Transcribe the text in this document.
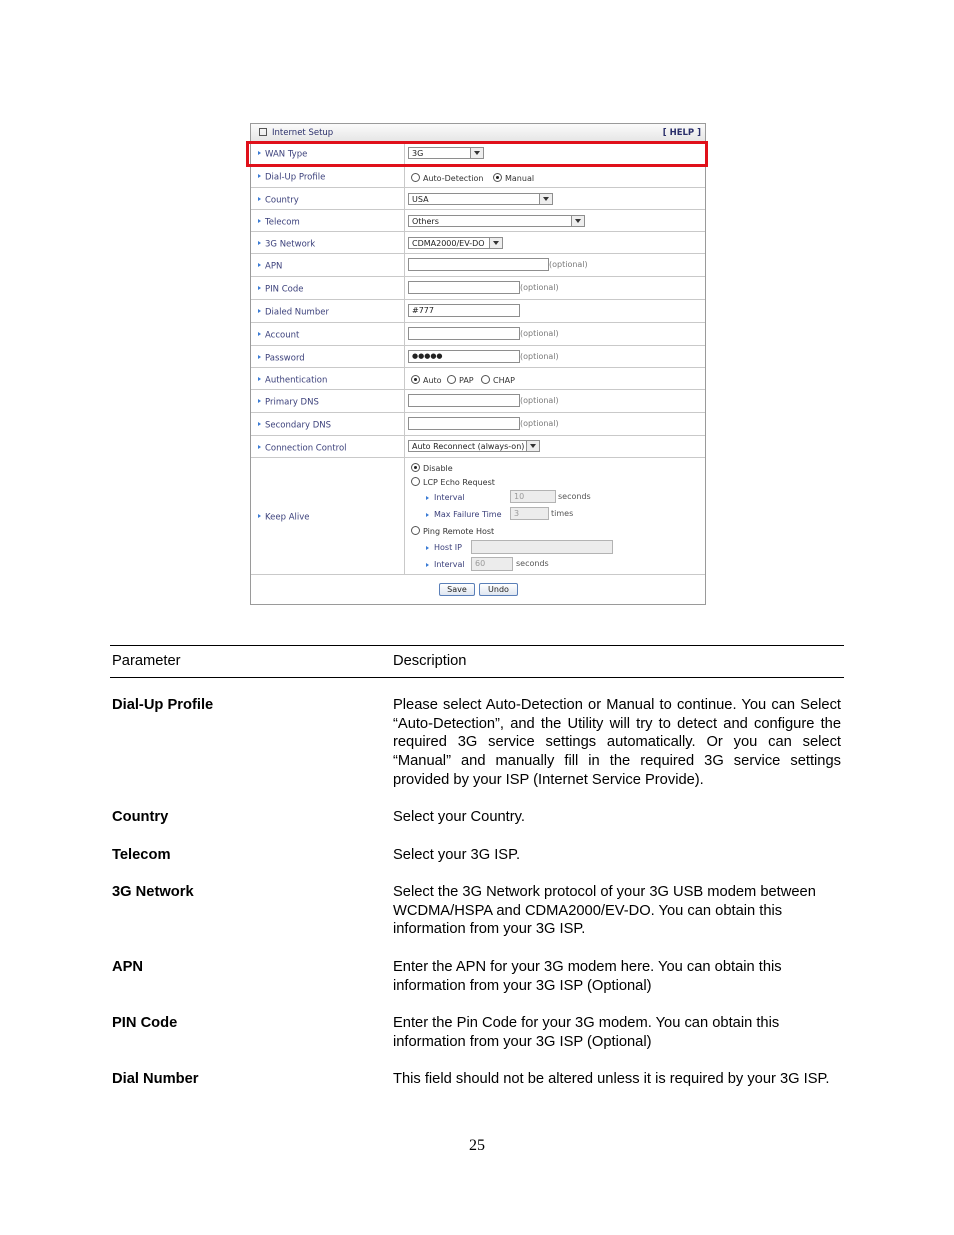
Internet Setup	[ HELP ]
WAN Type	3G
Dial-Up Profile	Auto-Detection	Manual
Country	USA
Telecom	Others
3G Network	CDMA2000/EV-DO
APN	(optional)
PIN Code	(optional)
Dialed Number	#777
Account	(optional)
Password	●●●●●	(optional)
Authentication	Auto	PAP	CHAP
Primary DNS	(optional)
Secondary DNS	(optional)
Connection Control	Auto Reconnect (always-on)
Keep Alive
Disable
LCP Echo Request
Interval	10	seconds
Max Failure Time	3	times
Ping Remote Host
Host IP
Interval	60	seconds
Save	Undo
Parameter	Description
Dial-Up Profile	Please select Auto-Detection or Manual to continue. You can Select “Auto-Detection”, and the Utility will try to detect and configure the required 3G service settings automatically. Or you can select “Manual” and manually fill in the required 3G service settings provided by your ISP (Internet Service Provide).
Country	Select your Country.
Telecom	Select your 3G ISP.
3G Network	Select the 3G Network protocol of your 3G USB modem between WCDMA/HSPA and CDMA2000/EV-DO. You can obtain this information from your 3G ISP.
APN	Enter the APN for your 3G modem here. You can obtain this information from your 3G ISP (Optional)
PIN Code	Enter the Pin Code for your 3G modem. You can obtain this information from your 3G ISP (Optional)
Dial Number	This field should not be altered unless it is required by your 3G ISP.
25
